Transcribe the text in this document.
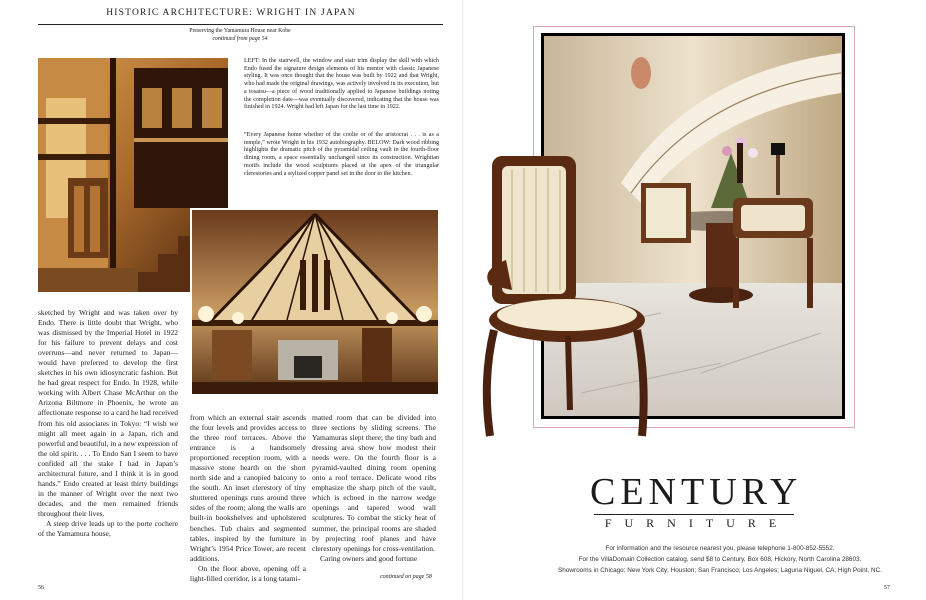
HISTORIC ARCHITECTURE: WRIGHT IN JAPAN
Preserving the Yamamura House near Kobe
continued from page 54
LEFT: In the stairwell, the window and stair trim display the skill with which Endo fused the signature design elements of his mentor with classic Japanese styling. It was once thought that the house was built by 1922 and that Wright, who had made the original drawings, was actively involved in its execution, but a tosatsu—a piece of wood traditionally applied to Japanese buildings noting the completion date—was eventually discovered, indicating that the house was finished in 1924. Wright had left Japan for the last time in 1922.
“Every Japanese home whether of the coolie or of the aristocrat . . . is as a temple,” wrote Wright in his 1932 autobiography. BELOW: Dark wood ribbing highlights the dramatic pitch of the pyramidal ceiling vault in the fourth-floor dining room, a space essentially unchanged since its construction. Wrightian motifs include the wood sculptures placed at the apex of the triangular clerestories and a stylized copper panel set in the door to the kitchen.

sketched by Wright and was taken over by Endo. There is little doubt that Wright, who was dismissed by the Imperial Hotel in 1922 for his failure to prevent delays and cost overruns—and never returned to Japan—would have preferred to develop the first sketches in his own idiosyncratic fashion. But he had great respect for Endo. In 1928, while working with Albert Chase McArthur on the Arizona Biltmore in Phoenix, he wrote an affectionate response to a card he had received from his old associates in Tokyo: “I wish we might all meet again in a Japan, rich and powerful and beautiful, in a new expression of the old spirit. . . . To Endo San I seem to have confided all the stake I had in Japan’s architectural future, and I think it is in good hands.” Endo created at least thirty buildings in the manner of Wright over the next two decades, and the men remained friends throughout their lives.

A steep drive leads up to the porte cochere of the Yamamura house,

from which an external stair ascends the four levels and provides access to the three roof terraces. Above the entrance is a handsomely proportioned reception room, with a massive stone hearth on the short north side and a canopied balcony to the south. An inset clerestory of tiny shuttered openings runs around three sides of the room; along the walls are built-in bookshelves and upholstered benches. Tub chairs and segmented tables, inspired by the furniture in Wright’s 1954 Price Tower, are recent additions.

On the floor above, opening off a light-filled corridor, is a long tatami-

matted room that can be divided into three sections by sliding screens. The Yamamuras slept there; the tiny bath and dressing area show how modest their needs were. On the fourth floor is a pyramid-vaulted dining room opening onto a roof terrace. Delicate wood ribs emphasize the sharp pitch of the vault, which is echoed in the narrow wedge openings and tapered wood wall sculptures. To combat the sticky heat of summer, the principal rooms are shaded by projecting roof planes and have clerestory openings for cross-ventilation.

Caring owners and good fortune

continued on page 58
56
CENTURY
FURNITURE
For information and the resource nearest you, please telephone 1-800-852-5552.
For the VillaDomain Collection catalog, send $8 to Century, Box 608, Hickory, North Carolina 28603.
Showrooms in Chicago; New York City; Houston; San Francisco; Los Angeles; Laguna Niguel, CA; High Point, NC.
57
